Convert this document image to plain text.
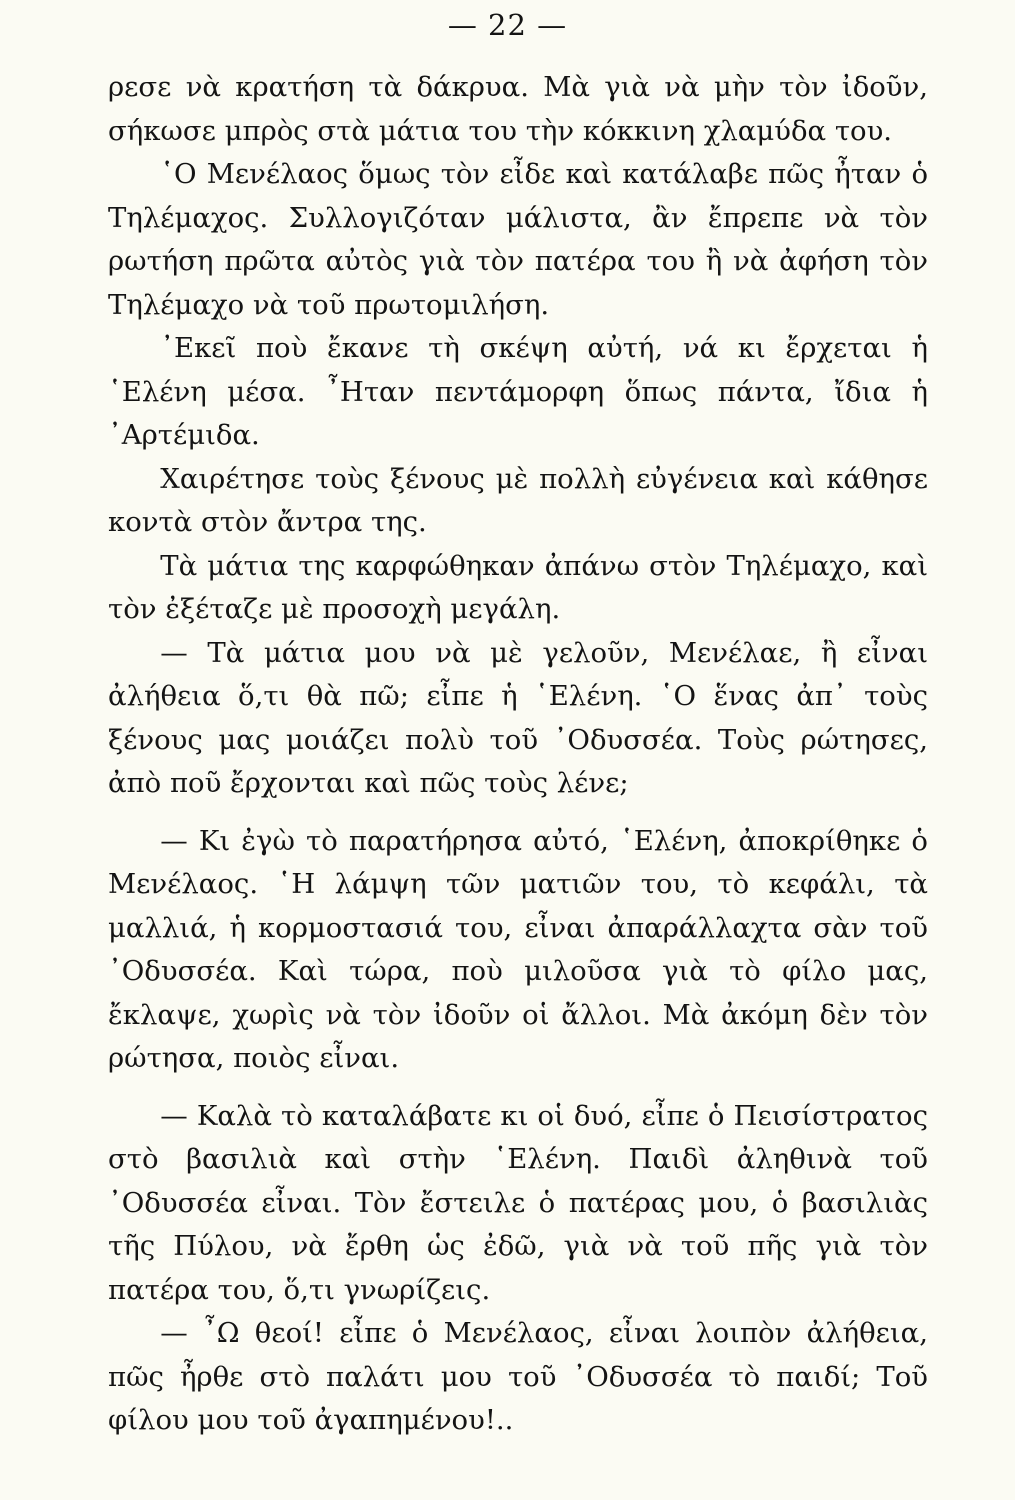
— 22 —

ρεσε νὰ κρατήση τὰ δάκρυα. Μὰ γιὰ νὰ μὴν τὸν ἰδοῦν, σήκωσε μπρὸς στὰ μάτια του τὴν κόκκινη χλαμύδα του.

῾Ο Μενέλαος ὅμως τὸν εἶδε καὶ κατάλαβε πῶς ἦταν ὁ Τηλέμαχος. Συλλογιζόταν μάλιστα, ἂν ἔπρεπε νὰ τὸν ρωτήση πρῶτα αὐτὸς γιὰ τὸν πατέρα του ἢ νὰ ἀφήση τὸν Τηλέμαχο νὰ τοῦ πρωτομιλήση.

᾿Εκεῖ ποὺ ἔκανε τὴ σκέψη αὐτή, νά κι ἔρχεται ἡ ῾Ελένη μέσα. ῏Ηταν πεντάμορφη ὅπως πάντα, ἴδια ἡ ᾿Αρτέμιδα.

Χαιρέτησε τοὺς ξένους μὲ πολλὴ εὐγένεια καὶ κάθησε κοντὰ στὸν ἄντρα της.

Τὰ μάτια της καρφώθηκαν ἀπάνω στὸν Τηλέμαχο, καὶ τὸν ἐξέταζε μὲ προσοχὴ μεγάλη.

— Τὰ μάτια μου νὰ μὲ γελοῦν, Μενέλαε, ἢ εἶναι ἀλήθεια ὅ,τι θὰ πῶ; εἶπε ἡ ῾Ελένη. ῾Ο ἕνας ἀπ᾿ τοὺς ξένους μας μοιάζει πολὺ τοῦ ᾿Οδυσσέα. Τοὺς ρώτησες, ἀπὸ ποῦ ἔρχονται καὶ πῶς τοὺς λένε;

— Κι ἐγὼ τὸ παρατήρησα αὐτό, ῾Ελένη, ἀποκρίθηκε ὁ Μενέλαος. ῾Η λάμψη τῶν ματιῶν του, τὸ κεφάλι, τὰ μαλλιά, ἡ κορμοστασιά του, εἶναι ἀπαράλλαχτα σὰν τοῦ ᾿Οδυσσέα. Καὶ τώρα, ποὺ μιλοῦσα γιὰ τὸ φίλο μας, ἔκλαψε, χωρὶς νὰ τὸν ἰδοῦν οἱ ἄλλοι. Μὰ ἀκόμη δὲν τὸν ρώτησα, ποιὸς εἶναι.

— Καλὰ τὸ καταλάβατε κι οἱ δυό, εἶπε ὁ Πεισίστρατος στὸ βασιλιὰ καὶ στὴν ῾Ελένη. Παιδὶ ἀληθινὰ τοῦ ᾿Οδυσσέα εἶναι. Τὸν ἔστειλε ὁ πατέρας μου, ὁ βασιλιὰς τῆς Πύλου, νὰ ἔρθη ὡς ἐδῶ, γιὰ νὰ τοῦ πῆς γιὰ τὸν πατέρα του, ὅ,τι γνωρίζεις.

— ῏Ω θεοί! εἶπε ὁ Μενέλαος, εἶναι λοιπὸν ἀλήθεια, πῶς ἦρθε στὸ παλάτι μου τοῦ ᾿Οδυσσέα τὸ παιδί; Τοῦ φίλου μου τοῦ ἀγαπημένου!..
